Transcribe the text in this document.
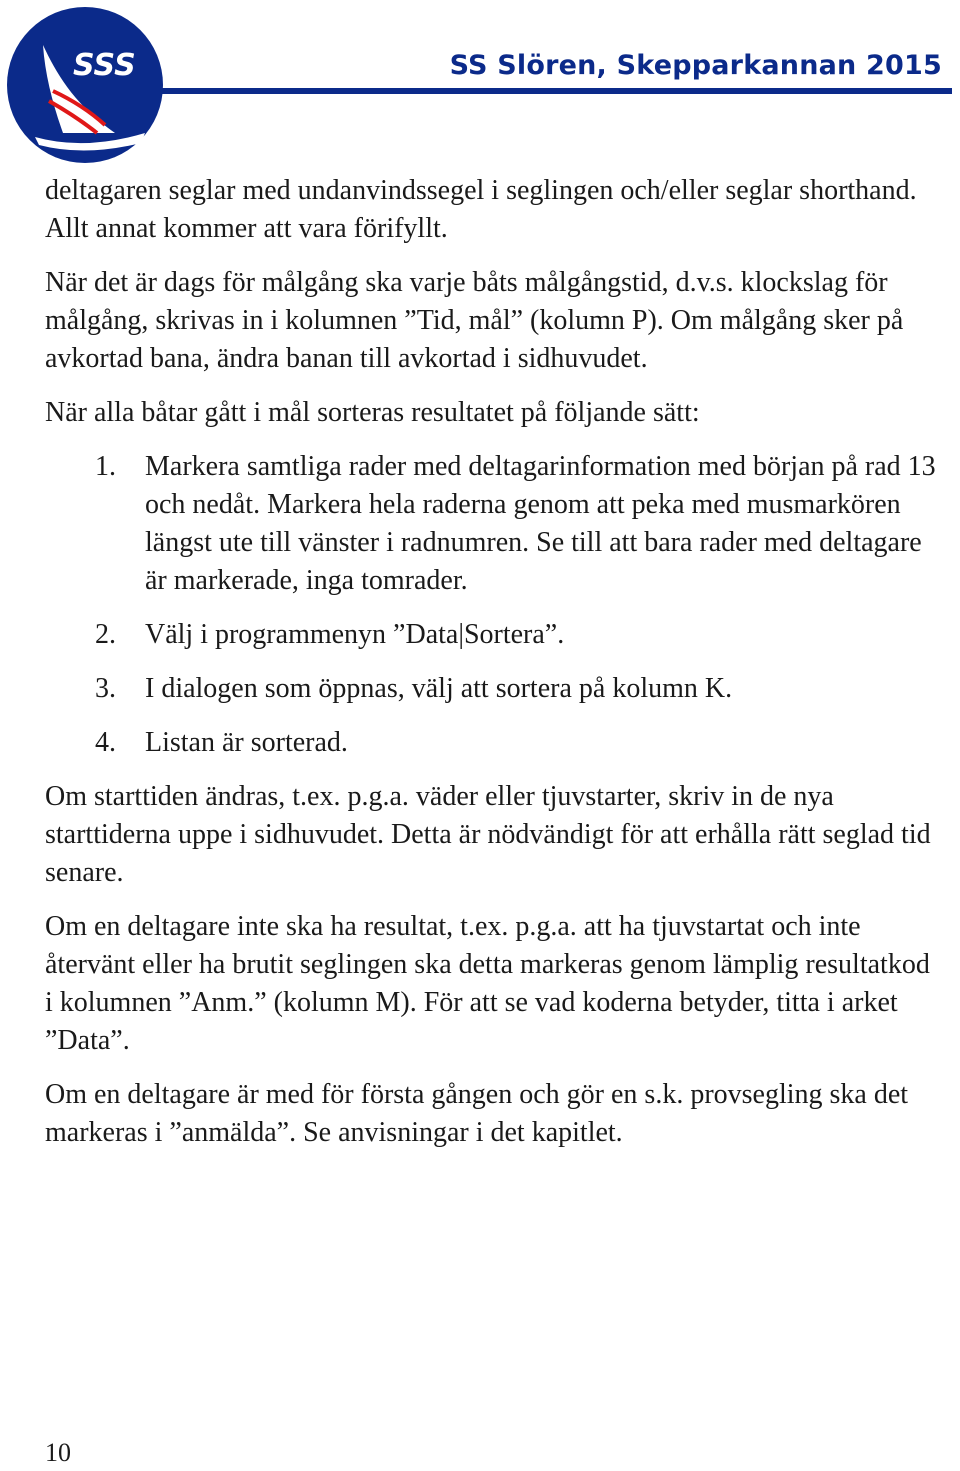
SSS	SS Slören, Skepparkannan 2015

deltagaren seglar med undanvindssegel i seglingen och/eller seglar shorthand. Allt annat kommer att vara förifyllt.

När det är dags för målgång ska varje båts målgångstid, d.v.s. klockslag för målgång, skrivas in i kolumnen ”Tid, mål” (kolumn P). Om målgång sker på avkortad bana, ändra banan till avkortad i sidhuvudet.

När alla båtar gått i mål sorteras resultatet på följande sätt:

1. Markera samtliga rader med deltagarinformation med början på rad 13 och nedåt. Markera hela raderna genom att peka med musmarkören längst ute till vänster i radnumren. Se till att bara rader med deltagare är markerade, inga tomrader.
2. Välj i programmenyn ”Data|Sortera”.
3. I dialogen som öppnas, välj att sortera på kolumn K.
4. Listan är sorterad.

Om starttiden ändras, t.ex. p.g.a. väder eller tjuvstarter, skriv in de nya starttiderna uppe i sidhuvudet. Detta är nödvändigt för att erhålla rätt seglad tid senare.

Om en deltagare inte ska ha resultat, t.ex. p.g.a. att ha tjuvstartat och inte återvänt eller ha brutit seglingen ska detta markeras genom lämplig resultatkod i kolumnen ”Anm.” (kolumn M). För att se vad koderna betyder, titta i arket ”Data”.

Om en deltagare är med för första gången och gör en s.k. provsegling ska det markeras i ”anmälda”. Se anvisningar i det kapitlet.

10
